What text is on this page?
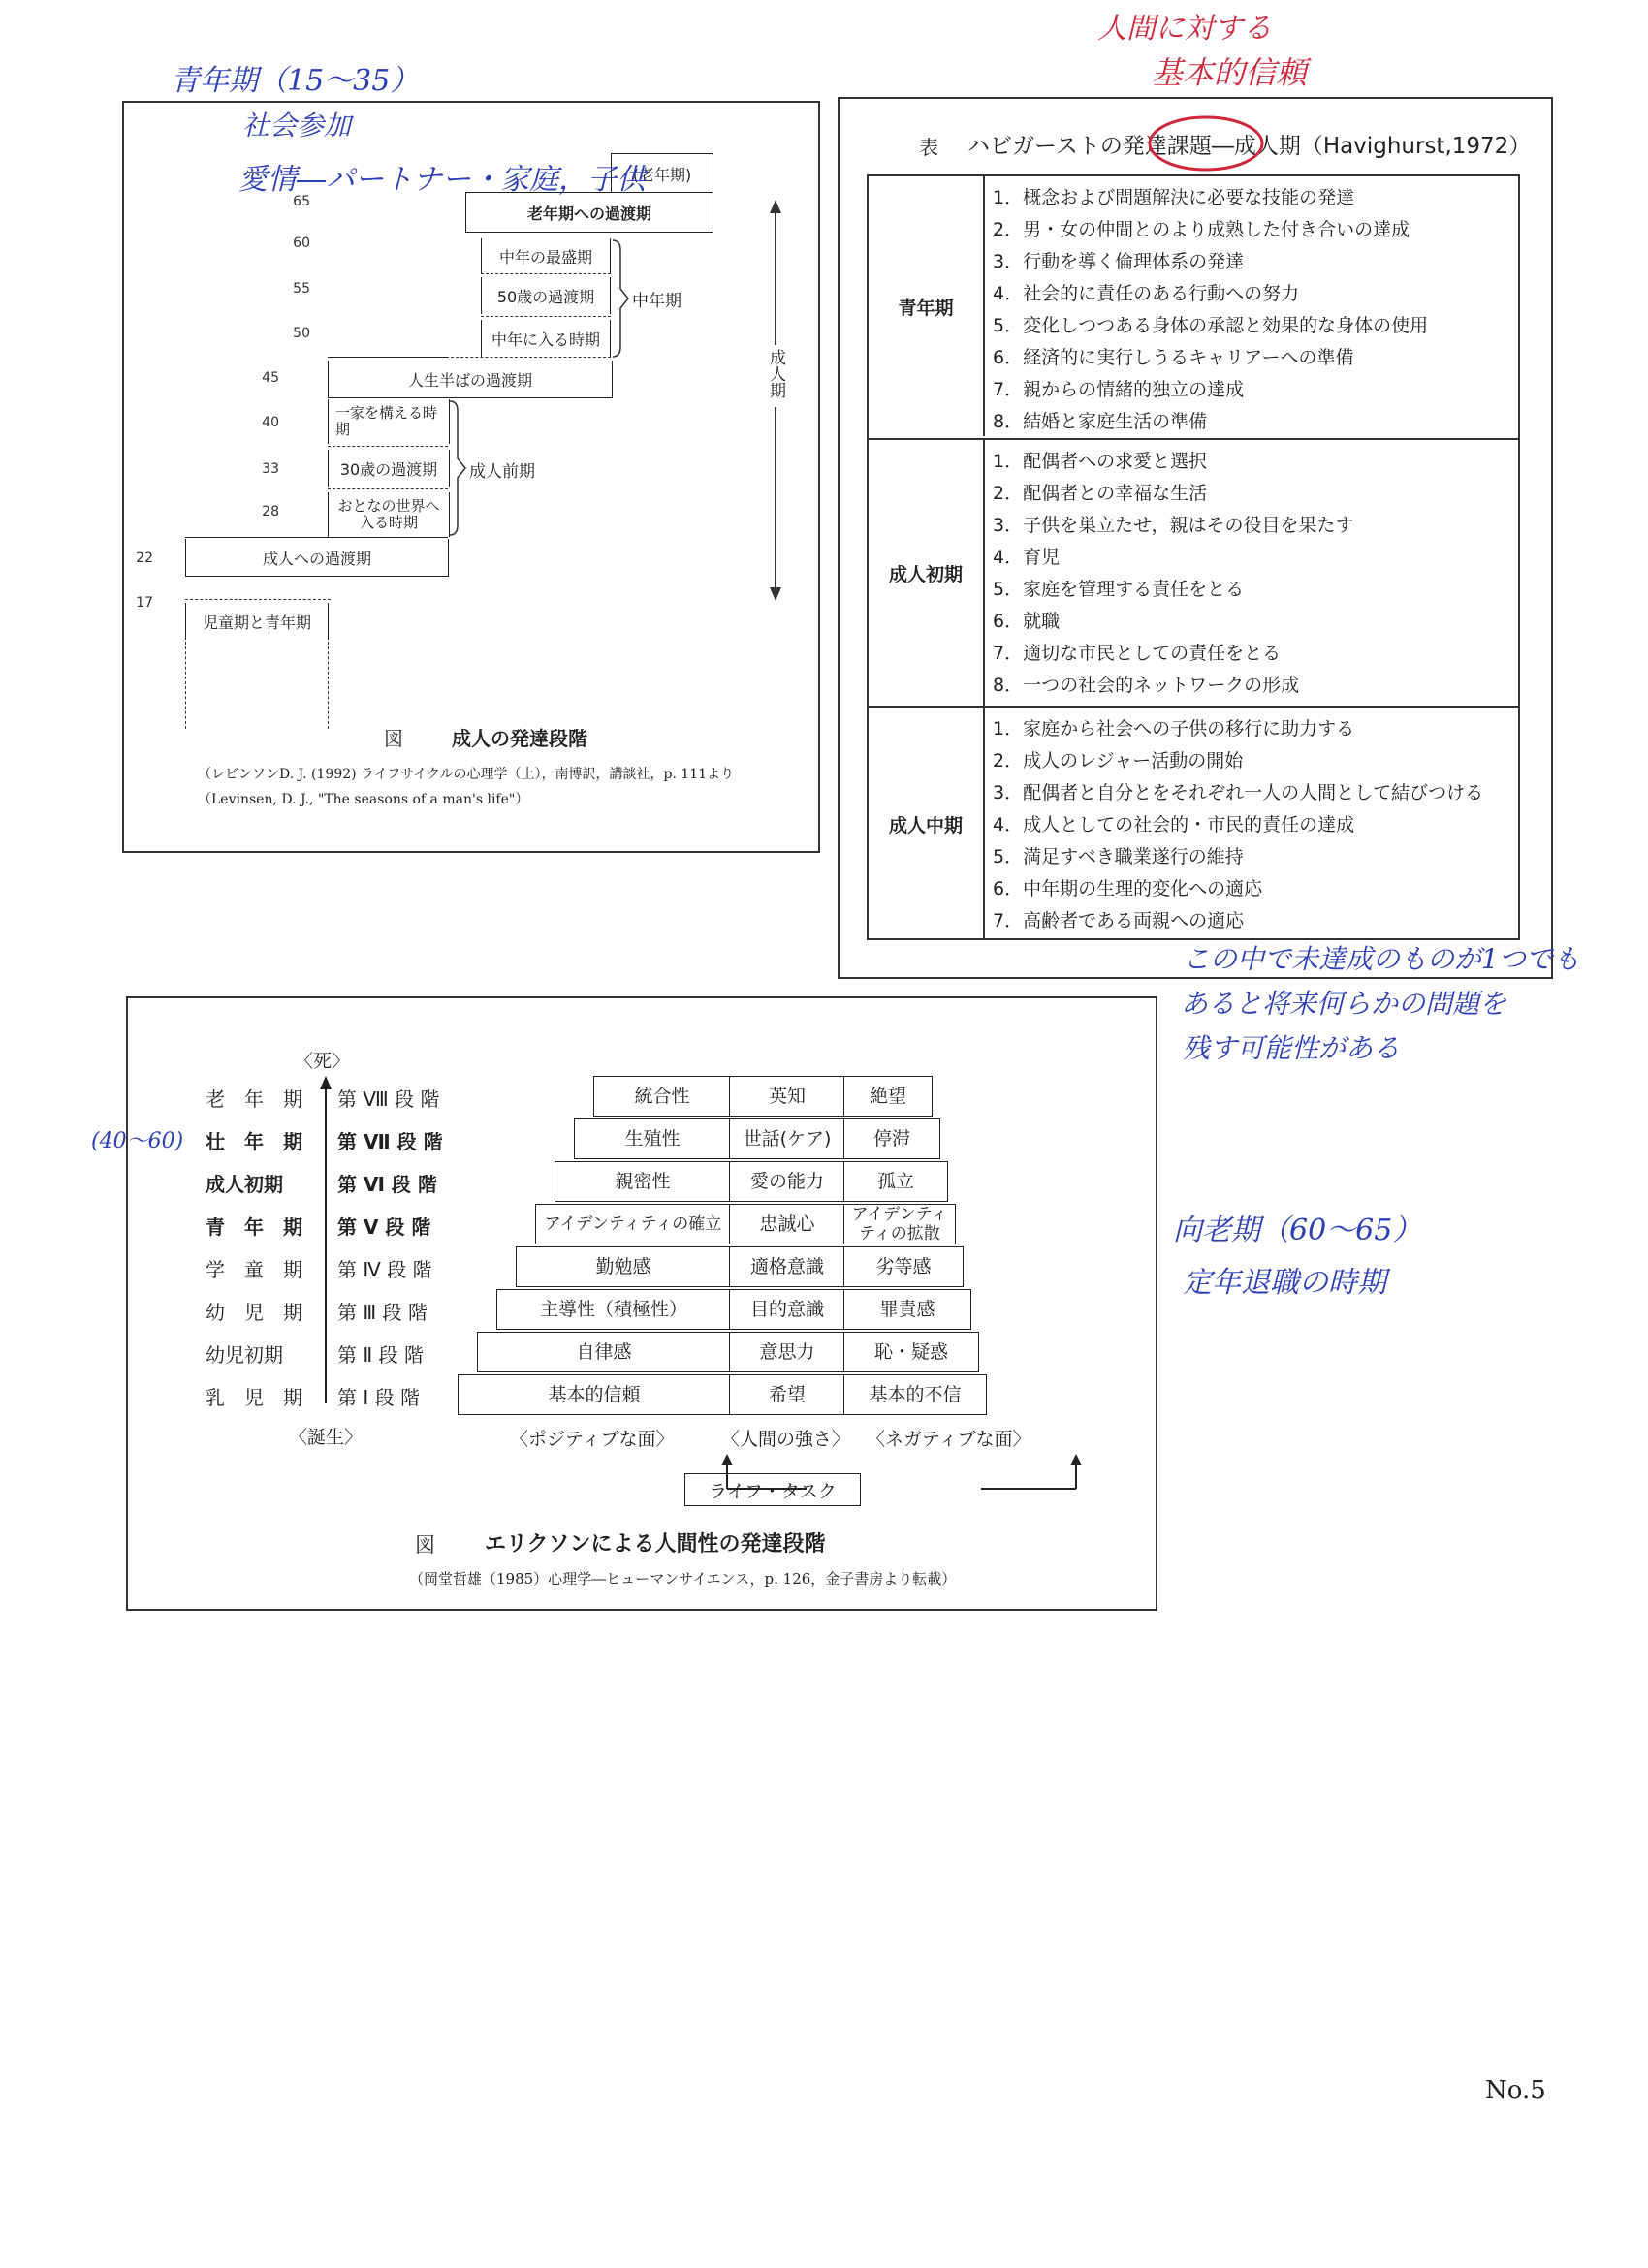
(老年期)
老年期への過渡期
中年の最盛期
50歳の過渡期
中年に入る時期
人生半ばの過渡期
一家を構える時期
30歳の過渡期
おとなの世界へ入る時期
成人への過渡期
児童期と青年期
65
60
55
50
45
40
33
28
22
17
中年期
成人前期
成人期
図	成人の発達段階
（レビンソンD. J. (1992) ライフサイクルの心理学（上），南博訳，講談社，p. 111より
（Levinsen, D. J., "The seasons of a man's life"）
表 ハビガーストの発達課題―成人期（Havighurst,1972）
青年期
1．概念および問題解決に必要な技能の発達
2．男・女の仲間とのより成熟した付き合いの達成
3．行動を導く倫理体系の発達
4．社会的に責任のある行動への努力
5．変化しつつある身体の承認と効果的な身体の使用
6．経済的に実行しうるキャリアーへの準備
7．親からの情緒的独立の達成
8．結婚と家庭生活の準備
成人初期
1．配偶者への求愛と選択
2．配偶者との幸福な生活
3．子供を巣立たせ，親はその役目を果たす
4．育児
5．家庭を管理する責任をとる
6．就職
7．適切な市民としての責任をとる
8．一つの社会的ネットワークの形成
成人中期
1．家庭から社会への子供の移行に助力する
2．成人のレジャー活動の開始
3．配偶者と自分とをそれぞれ一人の人間として結びつける
4．成人としての社会的・市民的責任の達成
5．満足すべき職業遂行の維持
6．中年期の生理的変化への適応
7．高齢者である両親への適応
〈死〉
〈誕生〉
老　年　期 第 Ⅷ 段 階	統合性	英知	絶望
壮　年　期 第 Ⅶ 段 階	生殖性	世話(ケア)	停滞
成人初期	第 Ⅵ 段 階	親密性	愛の能力	孤立
青　年　期 第 Ⅴ 段 階	アイデンティティの確立	忠誠心	アイデンティティの拡散
学　童　期 第 Ⅳ 段 階	勤勉感	適格意識	劣等感
幼　児　期 第 Ⅲ 段 階	主導性（積極性）	目的意識	罪責感
幼児初期	第 Ⅱ 段 階	自律感	意思力	恥・疑惑
乳　児　期 第 Ⅰ 段 階	基本的信頼	希望	基本的不信
〈ポジティブな面〉	〈人間の強さ〉 〈ネガティブな面〉
ライフ・タスク
図 エリクソンによる人間性の発達段階
（岡堂哲雄（1985）心理学―ヒューマンサイエンス，p. 126，金子書房より転載）
青年期（15～35）
社会参加
愛情―パートナー・家庭，子供
人間に対する
基本的信頼
この中で未達成のものが1つでも
あると将来何らかの問題を
残す可能性がある
(40～60)
向老期（60～65）
定年退職の時期
No.5
